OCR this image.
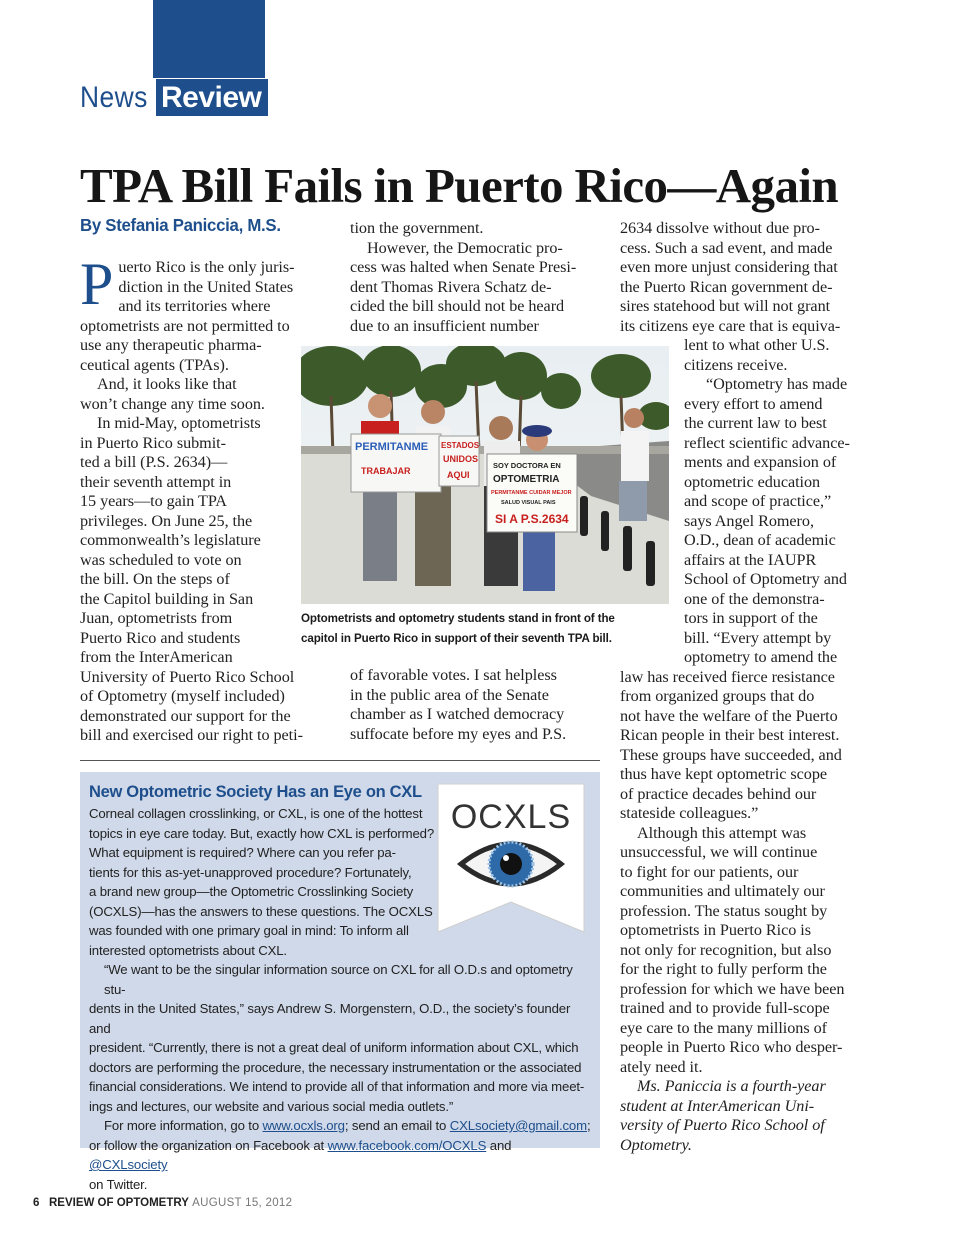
News Review
TPA Bill Fails in Puerto Rico—Again
By Stefania Paniccia, M.S.
P uerto Rico is the only juris-
diction in the United States
and its territories where
optometrists are not permitted to
use any therapeutic pharma-
ceutical agents (TPAs).
And, it looks like that
won’t change any time soon.
In mid-May, optometrists
in Puerto Rico submit-
ted a bill (P.S. 2634)—
their seventh attempt in
15 years—to gain TPA
privileges. On June 25, the
commonwealth’s legislature
was scheduled to vote on
the bill. On the steps of
the Capitol building in San
Juan, optometrists from
Puerto Rico and students
from the InterAmerican
University of Puerto Rico School
of Optometry (myself included)
demonstrated our support for the
bill and exercised our right to peti-
tion the government.
However, the Democratic pro-
cess was halted when Senate Presi-
dent Thomas Rivera Schatz de-
cided the bill should not be heard
due to an insufficient number
PERMITANME
TRABAJAR
ESTADOS
UNIDOS
AQUI
SOY DOCTORA EN
OPTOMETRIA
PERMITANME CUIDAR MEJOR
SALUD VISUAL PAIS
SI A P.S.2634
Optometrists and optometry students stand in front of the
capitol in Puerto Rico in support of their seventh TPA bill.
of favorable votes. I sat helpless
in the public area of the Senate
chamber as I watched democracy
suffocate before my eyes and P.S.
2634 dissolve without due pro-
cess. Such a sad event, and made
even more unjust considering that
the Puerto Rican government de-
sires statehood but will not grant
its citizens eye care that is equiva-
lent to what other U.S.
citizens receive.
“Optometry has made
every effort to amend
the current law to best
reflect scientific advance-
ments and expansion of
optometric education
and scope of practice,”
says Angel Romero,
O.D., dean of academic
affairs at the IAUPR
School of Optometry and
one of the demonstra-
tors in support of the
bill. “Every attempt by
optometry to amend the
law has received fierce resistance
from organized groups that do
not have the welfare of the Puerto
Rican people in their best interest.
These groups have succeeded, and
thus have kept optometric scope
of practice decades behind our
stateside colleagues.”
Although this attempt was
unsuccessful, we will continue
to fight for our patients, our
communities and ultimately our
profession. The status sought by
optometrists in Puerto Rico is
not only for recognition, but also
for the right to fully perform the
profession for which we have been
trained and to provide full-scope
eye care to the many millions of
people in Puerto Rico who desper-
ately need it.
Ms. Paniccia is a fourth-year
student at InterAmerican Uni-
versity of Puerto Rico School of
Optometry.
New Optometric Society Has an Eye on CXL
Corneal collagen crosslinking, or CXL, is one of the hottest
topics in eye care today. But, exactly how CXL is performed?
What equipment is required? Where can you refer pa-
tients for this as-yet-unapproved procedure? Fortunately,
a brand new group—the Optometric Crosslinking Society
(OCXLS)—has the answers to these questions. The OCXLS
was founded with one primary goal in mind: To inform all
interested optometrists about CXL.
“We want to be the singular information source on CXL for all O.D.s and optometry stu-
dents in the United States,” says Andrew S. Morgenstern, O.D., the society’s founder and
president. “Currently, there is not a great deal of uniform information about CXL, which
doctors are performing the procedure, the necessary instrumentation or the associated
financial considerations. We intend to provide all of that information and more via meet-
ings and lectures, our website and various social media outlets.”
For more information, go to www.ocxls.org; send an email to CXLsociety@gmail.com;
or follow the organization on Facebook at www.facebook.com/OCXLS and @CXLsociety
on Twitter.
OCXLS
6 REVIEW OF OPTOMETRY AUGUST 15, 2012
